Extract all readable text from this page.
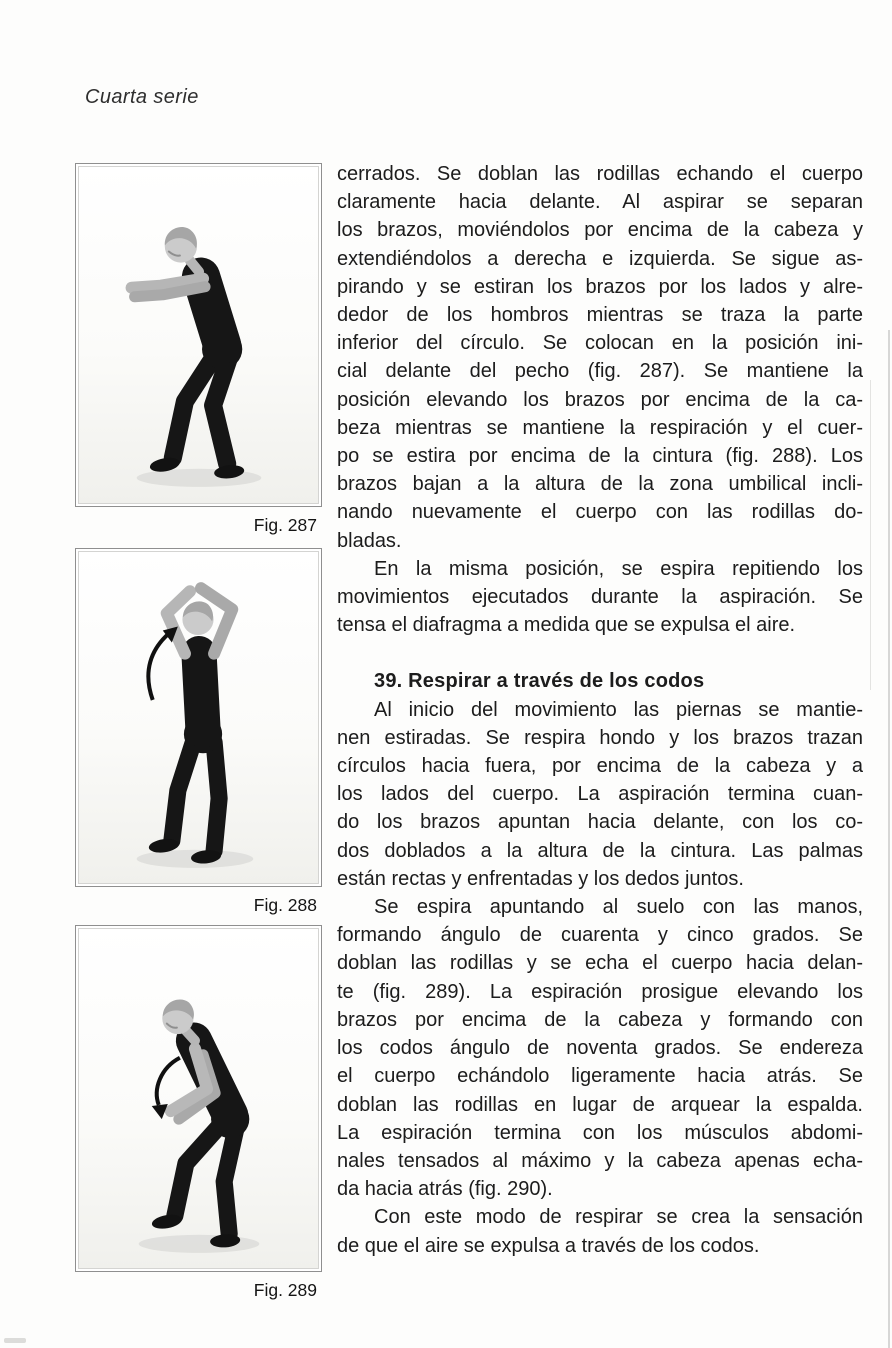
Cuarta serie
Fig. 287
Fig. 288
Fig. 289
cerrados. Se doblan las rodillas echando el cuerpo
claramente hacia delante. Al aspirar se separan
los brazos, moviéndolos por encima de la cabeza y
extendiéndolos a derecha e izquierda. Se sigue as-
pirando y se estiran los brazos por los lados y alre-
dedor de los hombros mientras se traza la parte
inferior del círculo. Se colocan en la posición ini-
cial delante del pecho (fig. 287). Se mantiene la
posición elevando los brazos por encima de la ca-
beza mientras se mantiene la respiración y el cuer-
po se estira por encima de la cintura (fig. 288). Los
brazos bajan a la altura de la zona umbilical incli-
nando nuevamente el cuerpo con las rodillas do-
bladas.
En la misma posición, se espira repitiendo los
movimientos ejecutados durante la aspiración. Se
tensa el diafragma a medida que se expulsa el aire.
39. Respirar a través de los codos
Al inicio del movimiento las piernas se mantie-
nen estiradas. Se respira hondo y los brazos trazan
círculos hacia fuera, por encima de la cabeza y a
los lados del cuerpo. La aspiración termina cuan-
do los brazos apuntan hacia delante, con los co-
dos doblados a la altura de la cintura. Las palmas
están rectas y enfrentadas y los dedos juntos.
Se espira apuntando al suelo con las manos,
formando ángulo de cuarenta y cinco grados. Se
doblan las rodillas y se echa el cuerpo hacia delan-
te (fig. 289). La espiración prosigue elevando los
brazos por encima de la cabeza y formando con
los codos ángulo de noventa grados. Se endereza
el cuerpo echándolo ligeramente hacia atrás. Se
doblan las rodillas en lugar de arquear la espalda.
La espiración termina con los músculos abdomi-
nales tensados al máximo y la cabeza apenas echa-
da hacia atrás (fig. 290).
Con este modo de respirar se crea la sensación
de que el aire se expulsa a través de los codos.
